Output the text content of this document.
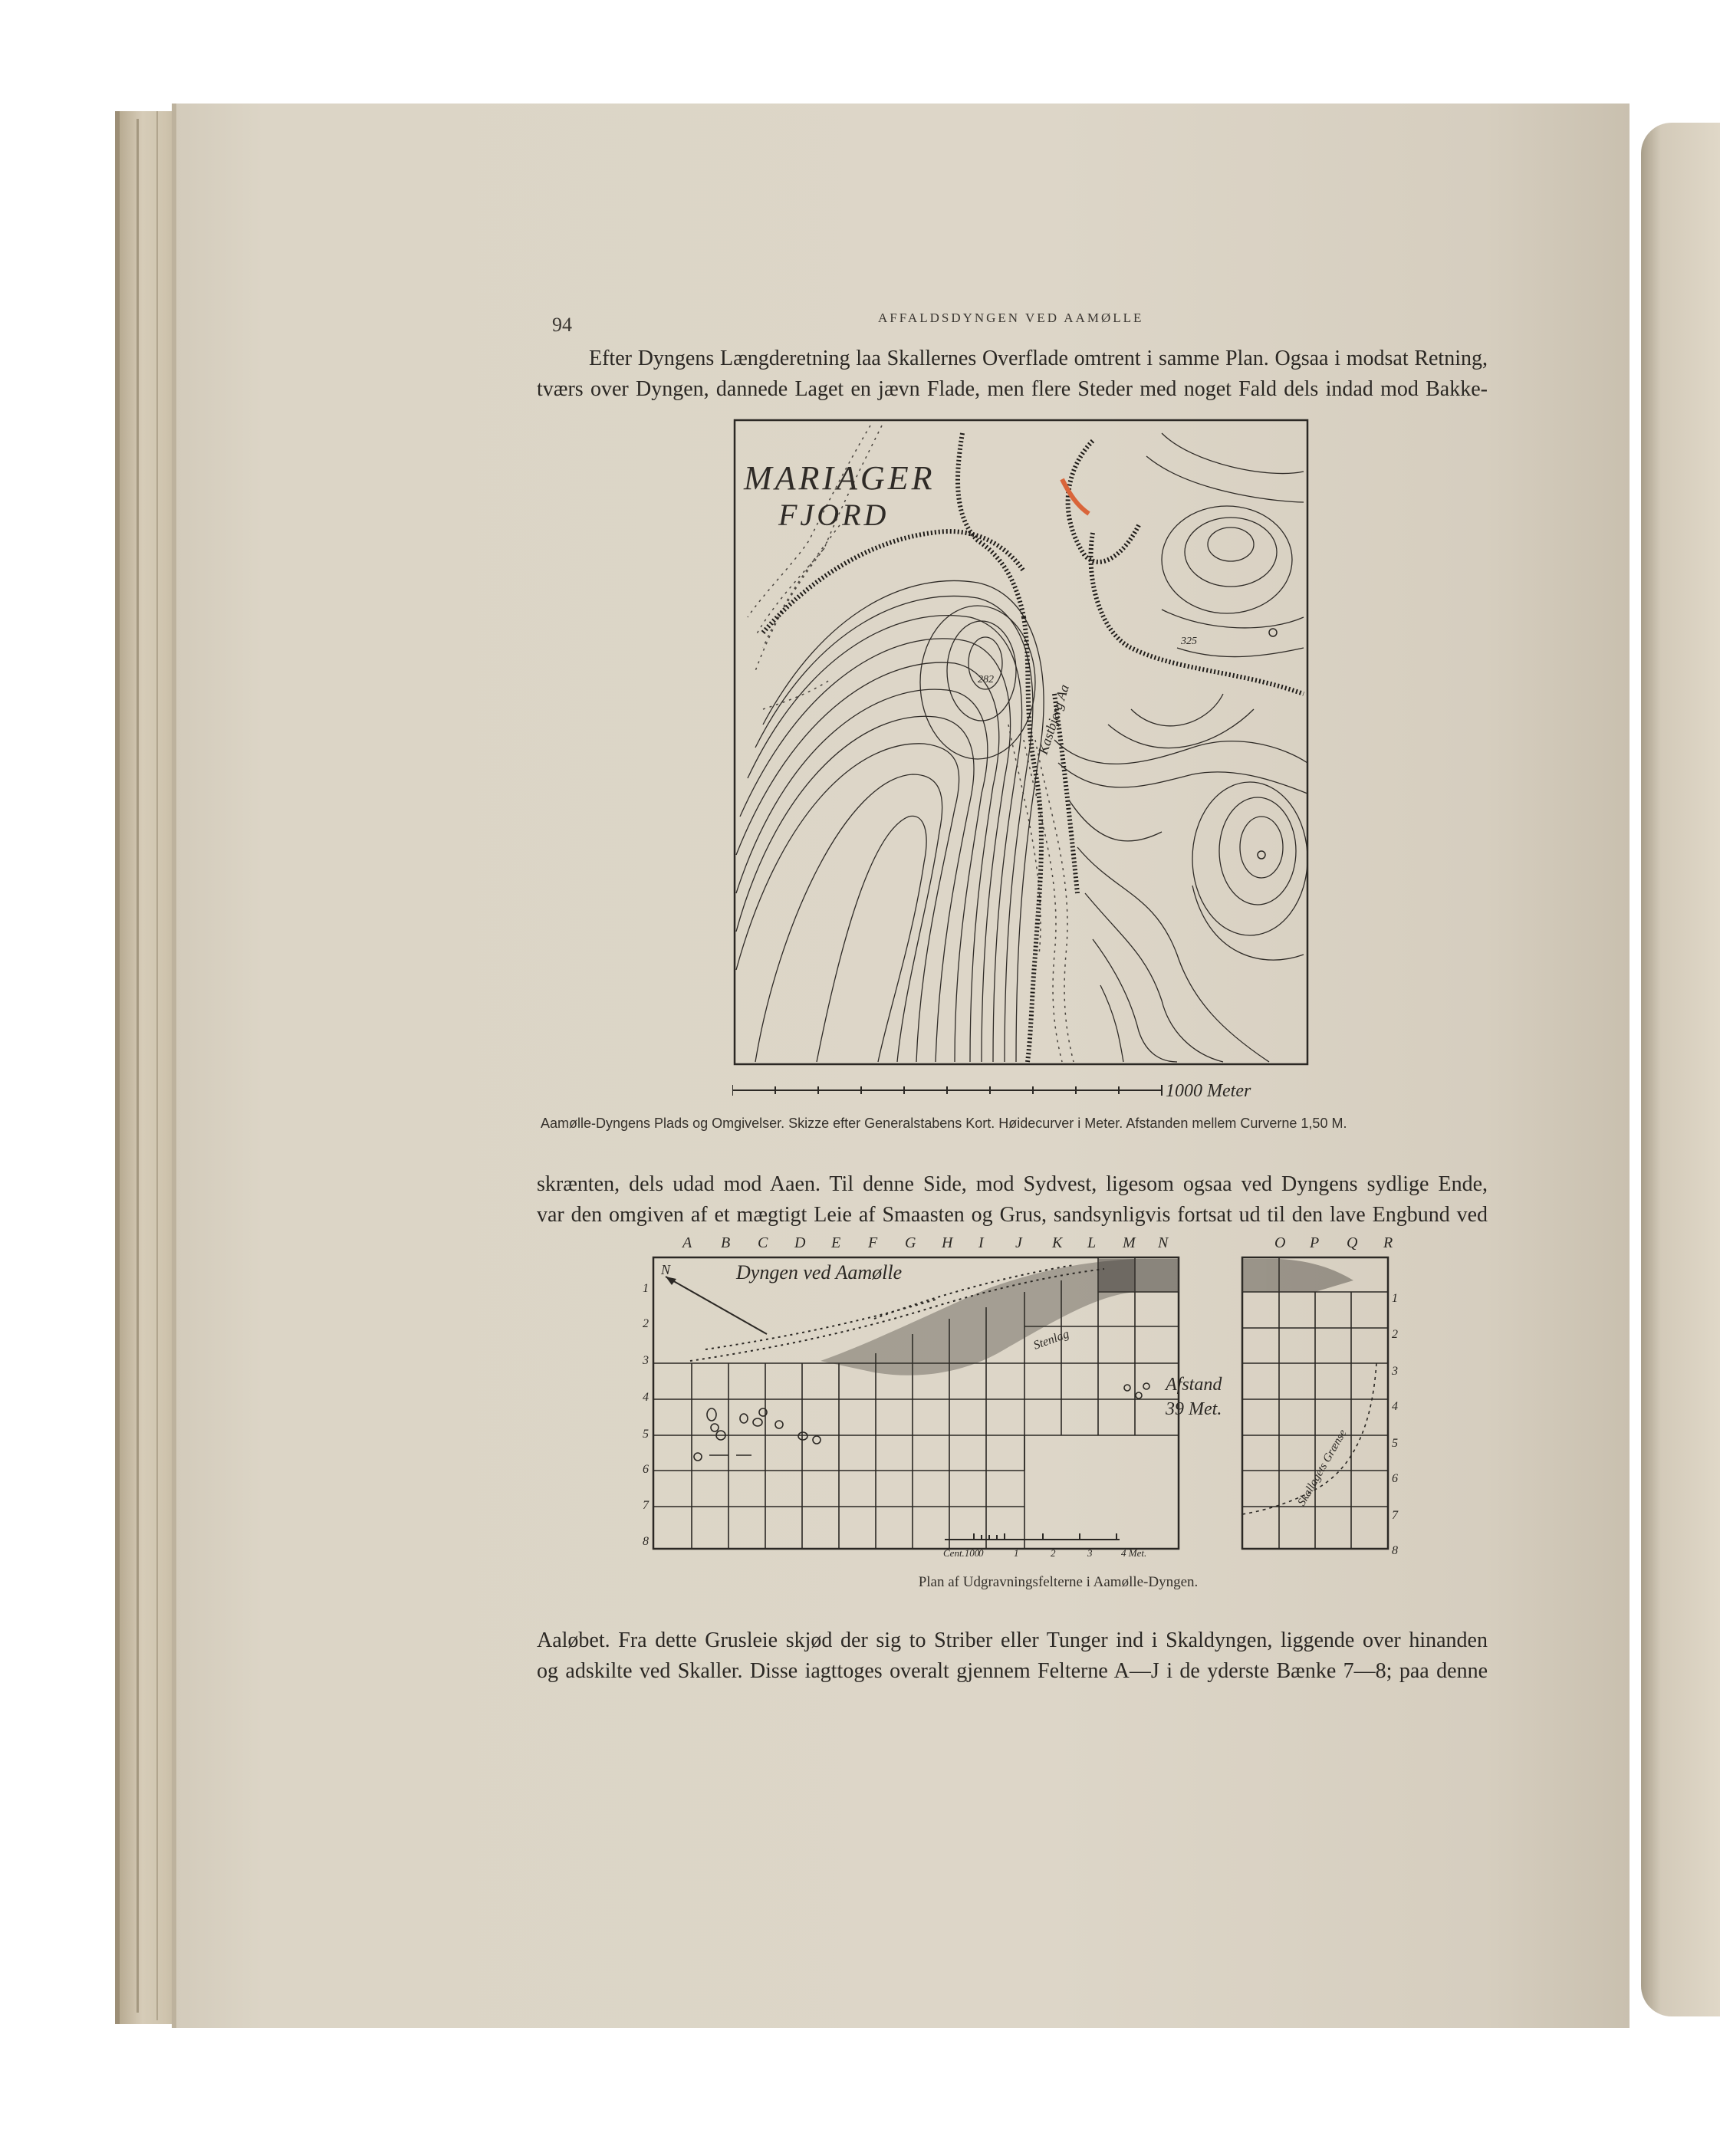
94	AFFALDSDYNGEN VED AAMØLLE
Efter Dyngens Længderetning laa Skallernes Overflade omtrent i samme Plan. Ogsaa i modsat Retning,
tværs over Dyngen, dannede Laget en jævn Flade, men flere Steder med noget Fald dels indad mod Bakke-
282
325
Kastbjerg Aa
MARIAGER
FJORD
1000 Meter
Aamølle-Dyngens Plads og Omgivelser. Skizze efter Generalstabens Kort. Høidecurver i Meter. Afstanden mellem Curverne 1,50 M.
skrænten, dels udad mod Aaen. Til denne Side, mod Sydvest, ligesom ogsaa ved Dyngens sydlige Ende,
var den omgiven af et mægtigt Leie af Smaasten og Grus, sandsynligvis fortsat ud til den lave Engbund ved
N	Dyngen ved Aamølle
Stenlag
Cent.100
0	1	2	3	4 Met.
Skallagets Grænse
A B C D E F G H I J K L M N	O P Q R
1
2
3
4
5
6
7
8
1
2
3
4
5
6
7
8
Afstand
39 Met.
Plan af Udgravningsfelterne i Aamølle-Dyngen.
Aaløbet. Fra dette Grusleie skjød der sig to Striber eller Tunger ind i Skaldyngen, liggende over hinanden
og adskilte ved Skaller. Disse iagttoges overalt gjennem Felterne A—J i de yderste Bænke 7—8; paa denne
